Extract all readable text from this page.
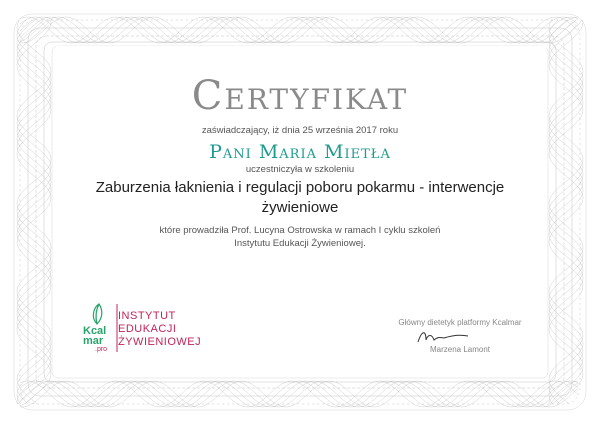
Certyfikat
zaświadczający, iż dnia 25 września 2017 roku
Pani Maria Mietła
uczestniczyła w szkoleniu
Zaburzenia łaknienia i regulacji poboru pokarmu - interwencje żywieniowe
które prowadziła Prof. Lucyna Ostrowska w ramach I cyklu szkoleń
Instytutu Edukacji Żywieniowej.
Kcal
mar
.pro
INSTYTUT
EDUKACJI
ŻYWIENIOWEJ
Główny dietetyk platformy Kcalmar
Marzena Lamont
